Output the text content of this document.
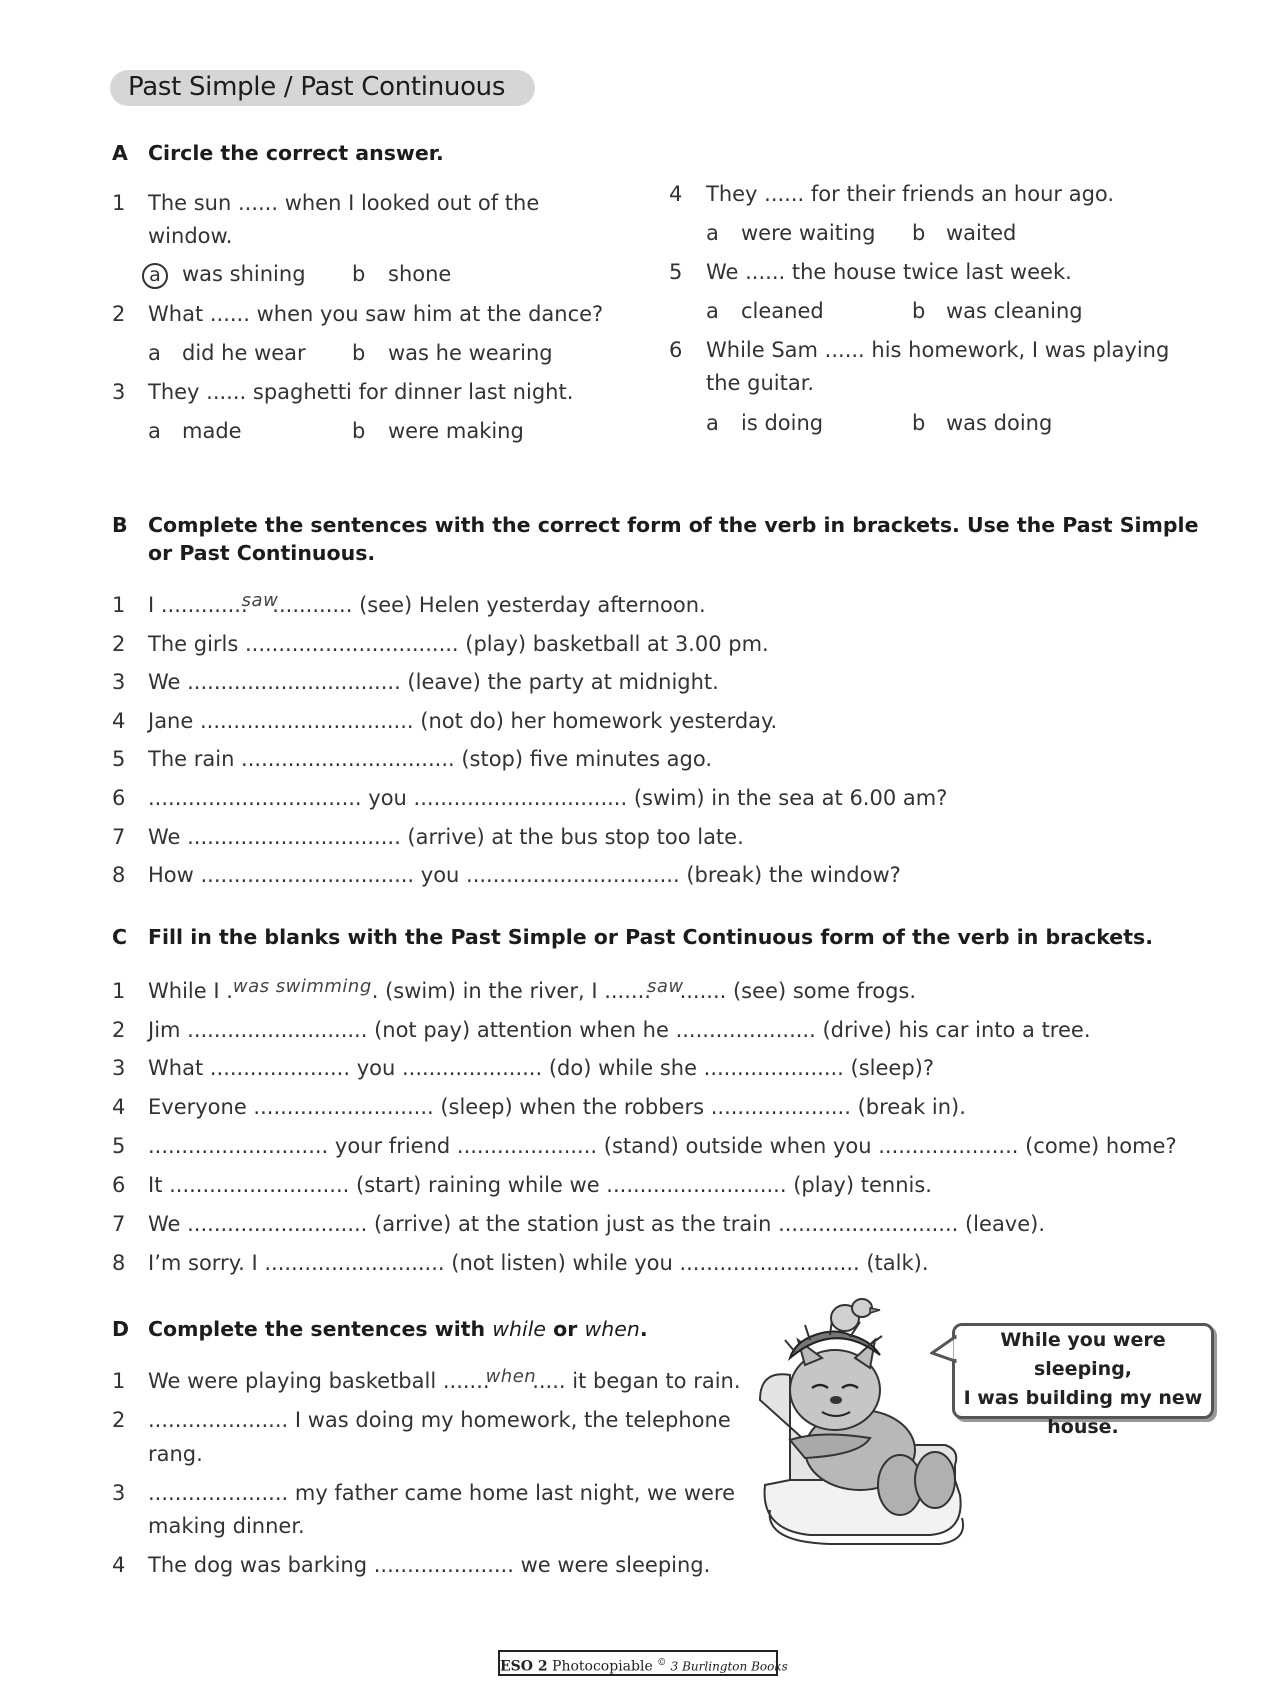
Past Simple / Past Continuous
A Circle the correct answer.
1 The sun ...... when I looked out of the
window.
a	was shining b shone
2 What ...... when you saw him at the dance?
a did he wear b was he wearing
3 They ...... spaghetti for dinner last night.
a made	b were making
4 They ...... for their friends an hour ago.
a were waiting b waited
5 We ...... the house twice last week.
a cleaned	b was cleaning
6 While Sam ...... his homework, I was playing
the guitar.
a is doing	b was doing
B Complete the sentences with the correct form of the verb in brackets. Use the Past Simple
or Past Continuous.
1 I .............saw............ (see) Helen yesterday afternoon.
2 The girls ................................ (play) basketball at 3.00 pm.
3 We ................................ (leave) the party at midnight.
4 Jane ................................ (not do) her homework yesterday.
5 The rain ................................ (stop) five minutes ago.
6 ................................ you ................................ (swim) in the sea at 6.00 am?
7 We ................................ (arrive) at the bus stop too late.
8 How ................................ you ................................ (break) the window?
C Fill in the blanks with the Past Simple or Past Continuous form of the verb in brackets.
1 While I .was swimming. (swim) in the river, I .......saw....... (see) some frogs.
2 Jim ........................... (not pay) attention when he ..................... (drive) his car into a tree.
3 What ..................... you ..................... (do) while she ..................... (sleep)?
4 Everyone ........................... (sleep) when the robbers ..................... (break in).
5 ........................... your friend ..................... (stand) outside when you ..................... (come) home?
6 It ........................... (start) raining while we ........................... (play) tennis.
7 We ........................... (arrive) at the station just as the train ........................... (leave).
8 I’m sorry. I ........................... (not listen) while you ........................... (talk).
D Complete the sentences with while or when.
1 We were playing basketball .......when..... it began to rain.
2 ..................... I was doing my homework, the telephone
rang.
3 ..................... my father came home last night, we were
making dinner.
4 The dog was barking ..................... we were sleeping.
While you were sleeping,
I was building my new
house.
ESO 2 Photocopiable © 3 Burlington Books
